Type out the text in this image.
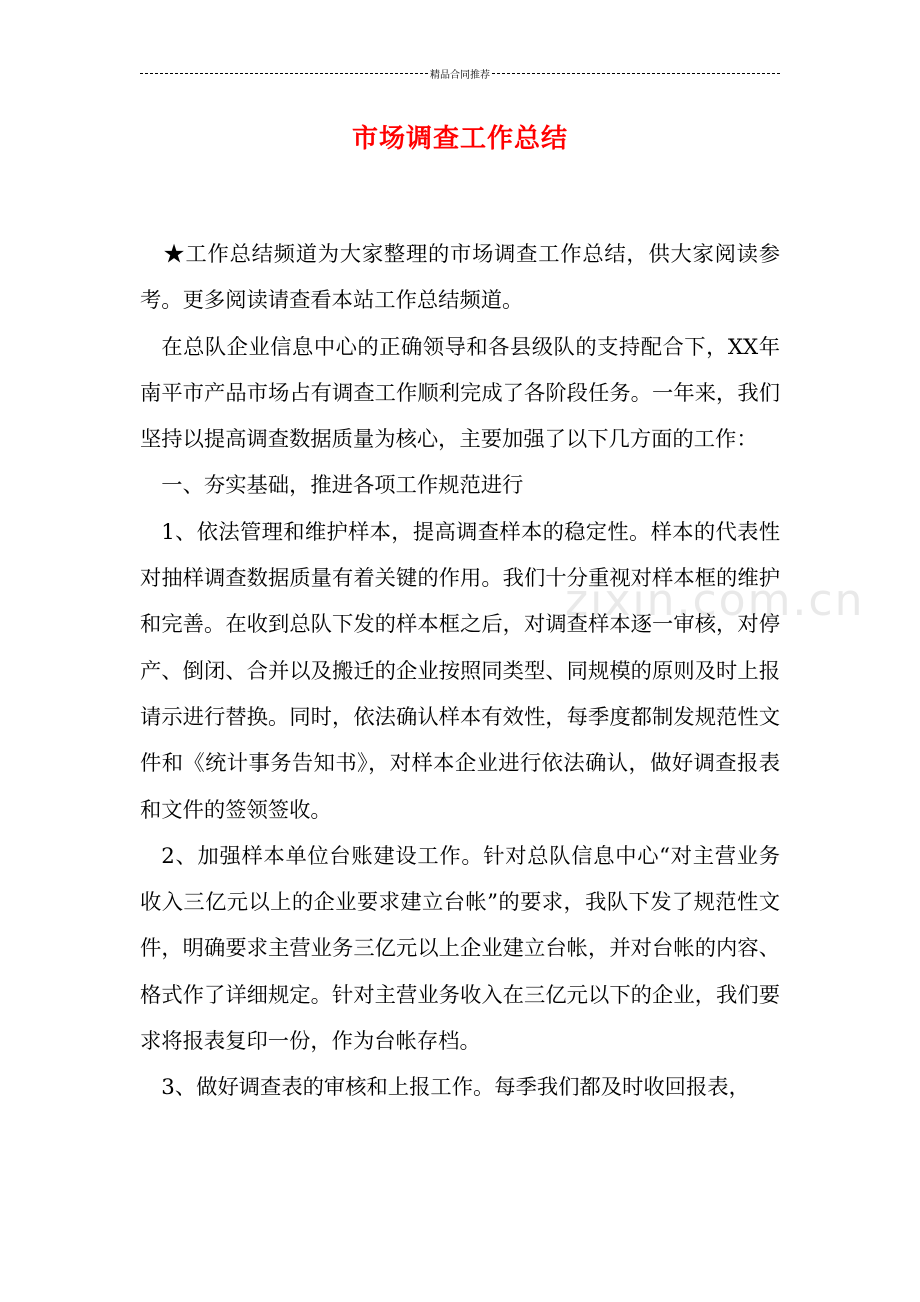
精品合同推荐
市场调查工作总结
zixin.com.cn

★工作总结频道为大家整理的市场调查工作总结，供大家阅读参考。更多阅读请查看本站工作总结频道。

在总队企业信息中心的正确领导和各县级队的支持配合下，XX年南平市产品市场占有调查工作顺利完成了各阶段任务。一年来，我们坚持以提高调查数据质量为核心，主要加强了以下几方面的工作：

一、夯实基础，推进各项工作规范进行

1、依法管理和维护样本，提高调查样本的稳定性。样本的代表性对抽样调查数据质量有着关键的作用。我们十分重视对样本框的维护和完善。在收到总队下发的样本框之后，对调查样本逐一审核，对停产、倒闭、合并以及搬迁的企业按照同类型、同规模的原则及时上报请示进行替换。同时，依法确认样本有效性，每季度都制发规范性文件和《统计事务告知书》，对样本企业进行依法确认，做好调查报表和文件的签领签收。

2、加强样本单位台账建设工作。针对总队信息中心“对主营业务收入三亿元以上的企业要求建立台帐”的要求，我队下发了规范性文件，明确要求主营业务三亿元以上企业建立台帐，并对台帐的内容、格式作了详细规定。针对主营业务收入在三亿元以下的企业，我们要求将报表复印一份，作为台帐存档。

3、做好调查表的审核和上报工作。每季我们都及时收回报表，
